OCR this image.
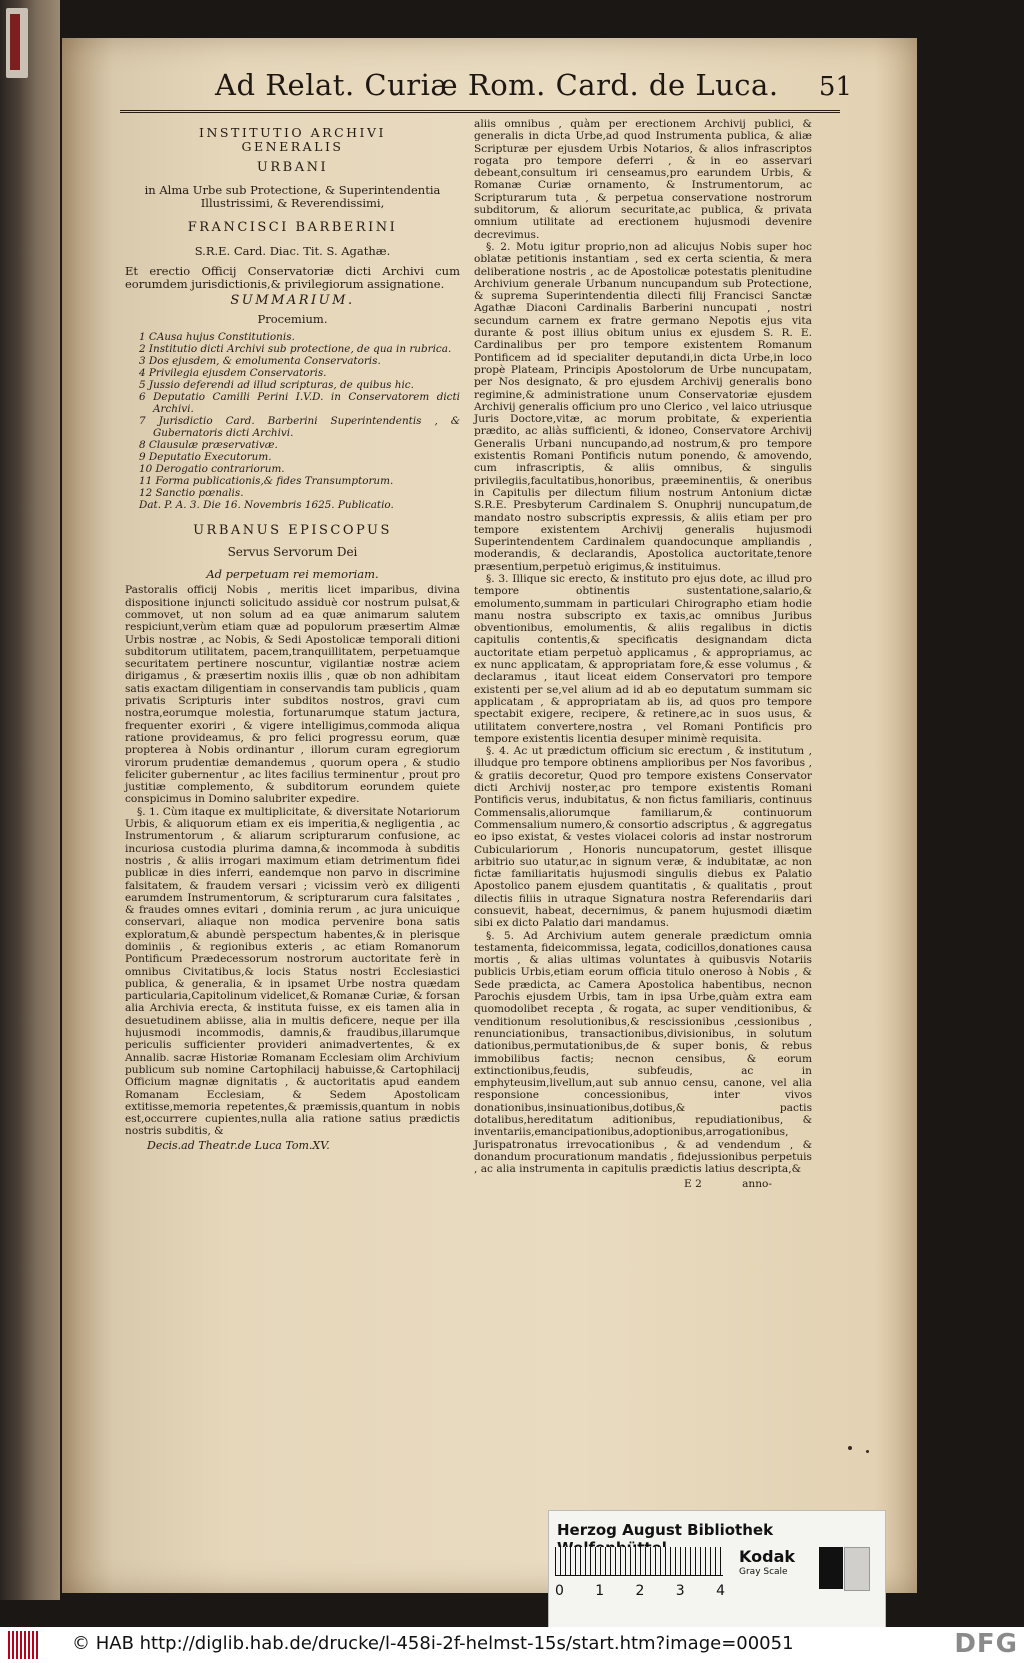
Ad Relat. Curiæ Rom. Card. de Luca. 51
INSTITUTIO ARCHIVI GENERALIS
URBANI
in Alma Urbe sub Protectione, & Superintendentia Illustrissimi, & Reverendissimi,
FRANCISCI BARBERINI
S.R.E. Card. Diac. Tit. S. Agathæ.
Et erectio Officij Conservatoriæ dicti Archivi cum eorumdem jurisdictionis,& privilegiorum assignatione.
SUMMARIUM.
Procemium.
1 CAusa hujus Constitutionis.
2 Institutio dicti Archivi sub protectione, de qua in rubrica.
3 Dos ejusdem, & emolumenta Conservatoris.
4 Privilegia ejusdem Conservatoris.
5 Jussio deferendi ad illud scripturas, de quibus hic.
6 Deputatio Camilli Perini I.V.D. in Conservatorem dicti Archivi.
7 Jurisdictio Card. Barberini Superintendentis , & Gubernatoris dicti Archivi.
8 Clausulæ præservativæ.
9 Deputatio Executorum.
10 Derogatio contrariorum.
11 Forma publicationis,& fides Transumptorum.
12 Sanctio pœnalis.
Dat. P. A. 3. Die 16. Novembris 1625. Publicatio.
URBANUS EPISCOPUS
Servus Servorum Dei
Ad perpetuam rei memoriam.

Pastoralis officij Nobis , meritis licet imparibus, divina dispositione injuncti solicitudo assiduè cor nostrum pulsat,& commovet, ut non solum ad ea quæ animarum salutem respiciunt,verùm etiam quæ ad populorum præsertim Almæ Urbis nostræ , ac Nobis, & Sedi Apostolicæ temporali ditioni subditorum utilitatem, pacem,tranquillitatem, perpetuamque securitatem pertinere noscuntur, vigilantiæ nostræ aciem dirigamus , & præsertim noxiis illis , quæ ob non adhibitam satis exactam diligentiam in conservandis tam publicis , quam privatis Scripturis inter subditos nostros, gravi cum nostra,eorumque molestia, fortunarumque statum jactura, frequenter exoriri , & vigere intelligimus,commoda aliqua ratione provideamus, & pro felici progressu eorum, quæ propterea à Nobis ordinantur , illorum curam egregiorum virorum prudentiæ demandemus , quorum opera , & studio feliciter gubernentur , ac lites facilius terminentur , prout pro justitiæ complemento, & subditorum eorundem quiete conspicimus in Domino salubriter expedire.

§. 1. Cùm itaque ex multiplicitate, & diversitate Notariorum Urbis, & aliquorum etiam ex eis imperitia,& negligentia , ac Instrumentorum , & aliarum scripturarum confusione, ac incuriosa custodia plurima damna,& incommoda à subditis nostris , & aliis irrogari maximum etiam detrimentum fidei publicæ in dies inferri, eandemque non parvo in discrimine falsitatem, & fraudem versari ; vicissim verò ex diligenti earumdem Instrumentorum, & scripturarum cura falsitates , & fraudes omnes evitari , dominia rerum , ac jura unicuique conservari, aliaque non modica pervenire bona satis exploratum,& abundè perspectum habentes,& in plerisque dominiis , & regionibus exteris , ac etiam Romanorum Pontificum Prædecessorum nostrorum auctoritate ferè in omnibus Civitatibus,& locis Status nostri Ecclesiastici publica, & generalia, & in ipsamet Urbe nostra quædam particularia,Capitolinum videlicet,& Romanæ Curiæ, & forsan alia Archivia erecta, & instituta fuisse, ex eis tamen alia in desuetudinem abiisse, alia in multis deficere, neque per illa hujusmodi incommodis, damnis,& fraudibus,illarumque periculis sufficienter provideri animadvertentes, & ex Annalib. sacræ Historiæ Romanam Ecclesiam olim Archivium publicum sub nomine Cartophilacij habuisse,& Cartophilacij Officium magnæ dignitatis , & auctoritatis apud eandem Romanam Ecclesiam, & Sedem Apostolicam extitisse,memoria repetentes,& præmissis,quantum in nobis est,occurrere cupientes,nulla alia ratione satius prædictis nostris subditis, &

Decis.ad Theatr.de Luca Tom.XV.

aliis omnibus , quàm per erectionem Archivij publici, & generalis in dicta Urbe,ad quod Instrumenta publica, & aliæ Scripturæ per ejusdem Urbis Notarios, & alios infrascriptos rogata pro tempore deferri , & in eo asservari debeant,consultum iri censeamus,pro earundem Urbis, & Romanæ Curiæ ornamento, & Instrumentorum, ac Scripturarum tuta , & perpetua conservatione nostrorum subditorum, & aliorum securitate,ac publica, & privata omnium utilitate ad erectionem hujusmodi devenire decrevimus.

§. 2. Motu igitur proprio,non ad alicujus Nobis super hoc oblatæ petitionis instantiam , sed ex certa scientia, & mera deliberatione nostris , ac de Apostolicæ potestatis plenitudine Archivium generale Urbanum nuncupandum sub Protectione, & suprema Superintendentia dilecti filij Francisci Sanctæ Agathæ Diaconi Cardinalis Barberini nuncupati , nostri secundum carnem ex fratre germano Nepotis ejus vita durante & post illius obitum unius ex ejusdem S. R. E. Cardinalibus per pro tempore existentem Romanum Pontificem ad id specialiter deputandi,in dicta Urbe,in loco propè Plateam, Principis Apostolorum de Urbe nuncupatam, per Nos designato, & pro ejusdem Archivij generalis bono regimine,& administratione unum Conservatoriæ ejusdem Archivij generalis officium pro uno Clerico , vel laico utriusque Juris Doctore,vitæ, ac morum probitate, & experientia prædito, ac aliàs sufficienti, & idoneo, Conservatore Archivij Generalis Urbani nuncupando,ad nostrum,& pro tempore existentis Romani Pontificis nutum ponendo, & amovendo, cum infrascriptis, & aliis omnibus, & singulis privilegiis,facultatibus,honoribus, præeminentiis, & oneribus in Capitulis per dilectum filium nostrum Antonium dictæ S.R.E. Presbyterum Cardinalem S. Onuphrij nuncupatum,de mandato nostro subscriptis expressis, & aliis etiam per pro tempore existentem Archivij generalis hujusmodi Superintendentem Cardinalem quandocunque ampliandis , moderandis, & declarandis, Apostolica auctoritate,tenore præsentium,perpetuò erigimus,& instituimus.

§. 3. Illique sic erecto, & instituto pro ejus dote, ac illud pro tempore obtinentis sustentatione,salario,& emolumento,summam in particulari Chirographo etiam hodie manu nostra subscripto ex taxis,ac omnibus Juribus obventionibus, emolumentis, & aliis regalibus in dictis capitulis contentis,& specificatis designandam dicta auctoritate etiam perpetuò applicamus , & appropriamus, ac ex nunc applicatam, & appropriatam fore,& esse volumus , & declaramus , itaut liceat eidem Conservatori pro tempore existenti per se,vel alium ad id ab eo deputatum summam sic applicatam , & appropriatam ab iis, ad quos pro tempore spectabit exigere, recipere, & retinere,ac in suos usus, & utilitatem convertere,nostra , vel Romani Pontificis pro tempore existentis licentia desuper minimè requisita.

§. 4. Ac ut prædictum officium sic erectum , & institutum , illudque pro tempore obtinens amplioribus per Nos favoribus , & gratiis decoretur, Quod pro tempore existens Conservator dicti Archivij noster,ac pro tempore existentis Romani Pontificis verus, indubitatus, & non fictus familiaris, continuus Commensalis,aliorumque familiarum,& continuorum Commensalium numero,& consortio adscriptus , & aggregatus eo ipso existat, & vestes violacei coloris ad instar nostrorum Cubiculariorum , Honoris nuncupatorum, gestet illisque arbitrio suo utatur,ac in signum veræ, & indubitatæ, ac non fictæ familiaritatis hujusmodi singulis diebus ex Palatio Apostolico panem ejusdem quantitatis , & qualitatis , prout dilectis filiis in utraque Signatura nostra Referendariis dari consuevit, habeat, decernimus, & panem hujusmodi diætim sibi ex dicto Palatio dari mandamus.

§. 5. Ad Archivium autem generale prædictum omnia testamenta, fideicommissa, legata, codicillos,donationes causa mortis , & alias ultimas voluntates à quibusvis Notariis publicis Urbis,etiam eorum officia titulo oneroso à Nobis , & Sede prædicta, ac Camera Apostolica habentibus, necnon Parochis ejusdem Urbis, tam in ipsa Urbe,quàm extra eam quomodolibet recepta , & rogata, ac super venditionibus, & venditionum resolutionibus,& rescissionibus ,cessionibus , renunciationibus, transactionibus,divisionibus, in solutum dationibus,permutationibus,de & super bonis, & rebus immobilibus factis; necnon censibus, & eorum extinctionibus,feudis, subfeudis, ac in emphyteusim,livellum,aut sub annuo censu, canone, vel alia responsione concessionibus, inter vivos donationibus,insinuationibus,dotibus,& pactis dotalibus,hereditatum aditionibus, repudiationibus, & inventariis,emancipationibus,adoptionibus,arrogationibus, Jurispatronatus irrevocationibus , & ad vendendum , & donandum procurationum mandatis , fidejussionibus perpetuis , ac alia instrumenta in capitulis prædictis latius descripta,&

E 2	anno-
Herzog August Bibliothek
0 1 2 3 4
Kodak
Gray Scale
© HAB http://diglib.hab.de/drucke/l-458i-2f-helmst-15s/start.htm?image=00051	DFG
